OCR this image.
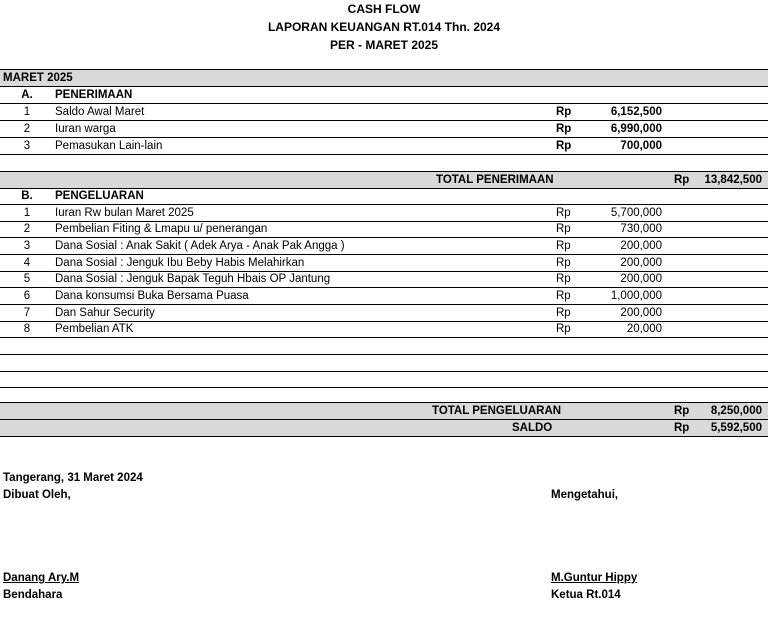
CASH FLOW
LAPORAN KEUANGAN RT.014 Thn. 2024
PER - MARET 2025
MARET 2025
A.	PENERIMAAN
1	Saldo Awal Maret	Rp	6,152,500
2	Iuran warga	Rp	6,990,000
3	Pemasukan Lain-lain	Rp	700,000
TOTAL PENERIMAAN	Rp	13,842,500
B.	PENGELUARAN
1	Iuran Rw bulan Maret 2025	Rp	5,700,000
2	Pembelian Fiting & Lmapu u/ penerangan	Rp	730,000
3	Dana Sosial : Anak Sakit ( Adek Arya - Anak Pak Angga )	Rp	200,000
4	Dana Sosial : Jenguk Ibu Beby Habis Melahirkan	Rp	200,000
5	Dana Sosial : Jenguk Bapak Teguh Hbais OP Jantung	Rp	200,000
6	Dana konsumsi Buka Bersama Puasa	Rp	1,000,000
7	Dan Sahur Security	Rp	200,000
8	Pembelian ATK	Rp	20,000
TOTAL PENGELUARAN	Rp	8,250,000
SALDO	Rp	5,592,500
Tangerang, 31 Maret 2024
Dibuat Oleh,	Mengetahui,
Danang Ary.M
Bendahara
M.Guntur Hippy
Ketua Rt.014
